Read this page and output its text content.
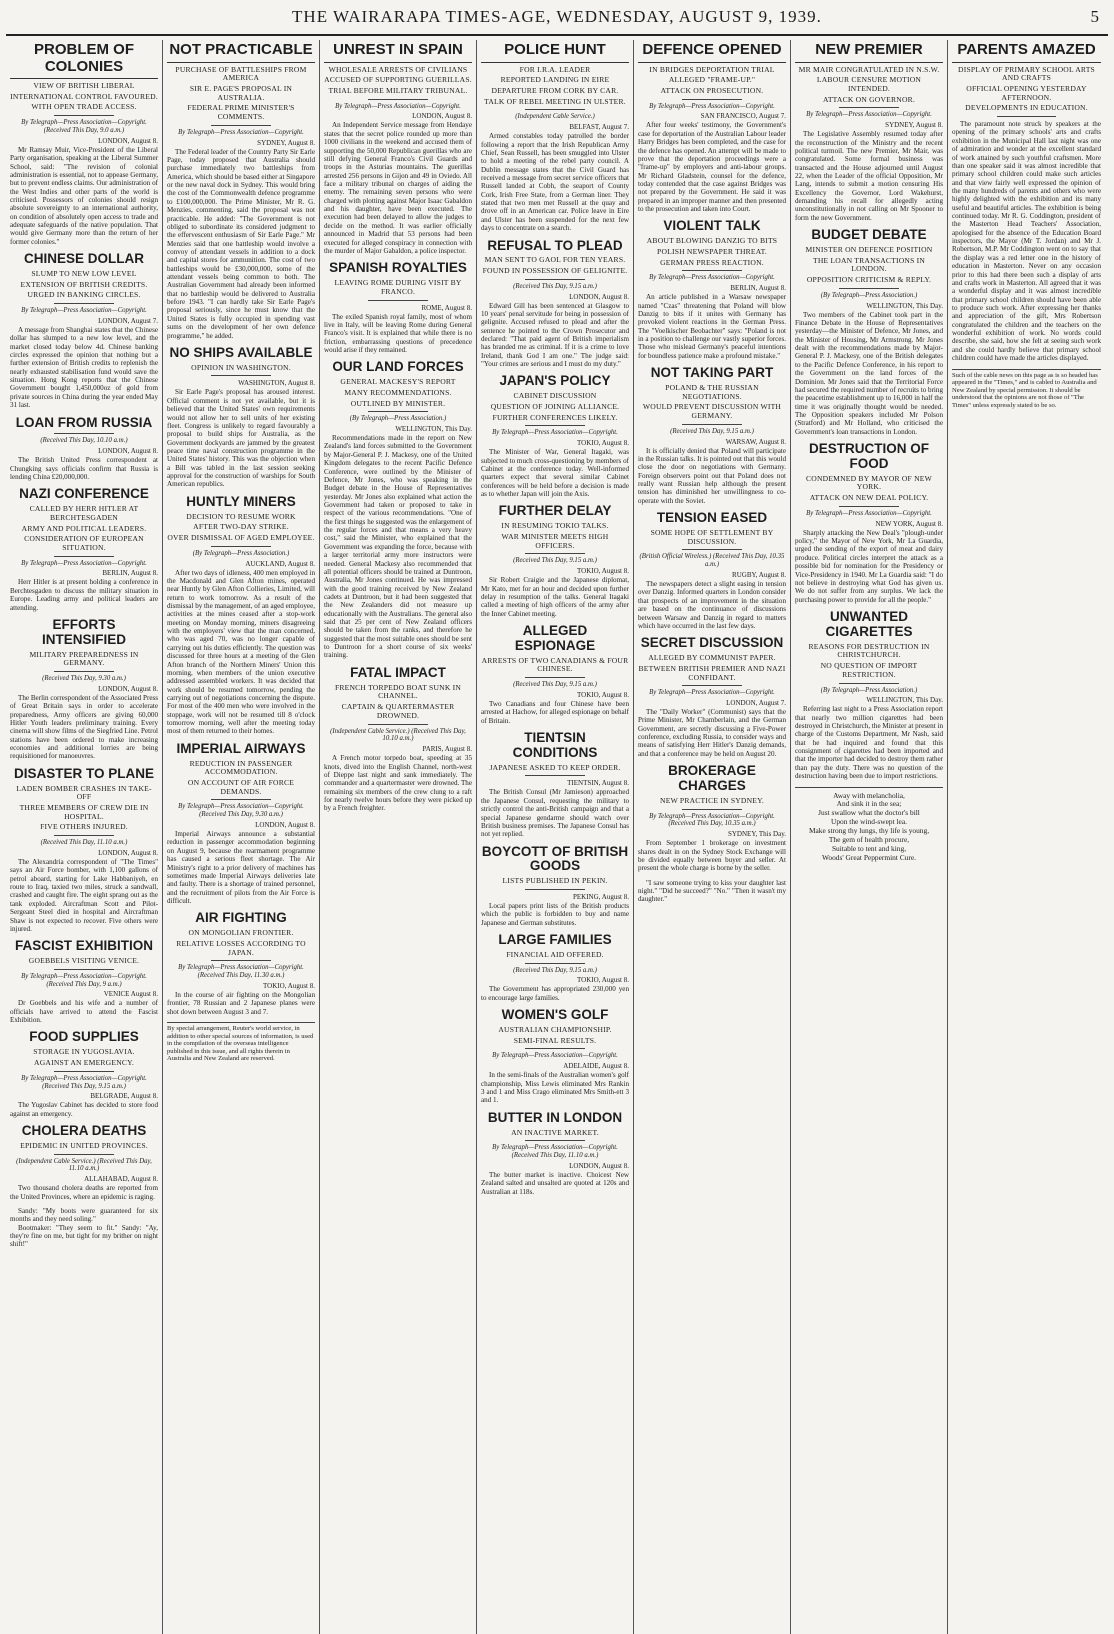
THE WAIRARAPA TIMES-AGE, WEDNESDAY, AUGUST 9, 1939.	5
PROBLEM OF COLONIES
VIEW OF BRITISH LIBERAL
INTERNATIONAL CONTROL FAVOURED.
WITH OPEN TRADE ACCESS.
By Telegraph—Press Association—Copyright. (Received This Day, 9.0 a.m.)
LONDON, August 8.

Mr Ramsay Muir, Vice-President of the Liberal Party organisation, speaking at the Liberal Summer School, said: "The revision of colonial administration is essential, not to appease Germany, but to prevent endless claims. Our administration of the West Indies and other parts of the world is criticised. Possessors of colonies should resign absolute sovereignty to an international authority, on condition of absolutely open access to trade and adequate safeguards of the native population. That would give Germany more than the return of her former colonies."

CHINESE DOLLAR
SLUMP TO NEW LOW LEVEL
EXTENSION OF BRITISH CREDITS.
URGED IN BANKING CIRCLES.
By Telegraph—Press Association—Copyright.
LONDON, August 7.

A message from Shanghai states that the Chinese dollar has slumped to a new low level, and the market closed today below 4d. Chinese banking circles expressed the opinion that nothing but a further extension of British credits to replenish the nearly exhausted stabilisation fund would save the situation. Hong Kong reports that the Chinese Government bought 1,450,000oz of gold from private sources in China during the year ended May 31 last.

LOAN FROM RUSSIA
(Received This Day, 10.10 a.m.)
LONDON, August 8.

The British United Press correspondent at Chungking says officials confirm that Russia is lending China £20,000,000.

NAZI CONFERENCE
CALLED BY HERR HITLER AT BERCHTESGADEN
ARMY AND POLITICAL LEADERS.
CONSIDERATION OF EUROPEAN SITUATION.
By Telegraph—Press Association—Copyright.
BERLIN, August 8.

Herr Hitler is at present holding a conference in Berchtesgaden to discuss the military situation in Europe. Leading army and political leaders are attending.

EFFORTS INTENSIFIED
MILITARY PREPAREDNESS IN GERMANY.
(Received This Day, 9.30 a.m.)
LONDON, August 8.

The Berlin correspondent of the Associated Press of Great Britain says in order to accelerate preparedness, Army officers are giving 60,000 Hitler Youth leaders preliminary training. Every cinema will show films of the Siegfried Line. Petrol stations have been ordered to make increasing economies and additional lorries are being requisitioned for manoeuvres.

DISASTER TO PLANE
LADEN BOMBER CRASHES IN TAKE-OFF
THREE MEMBERS OF CREW DIE IN HOSPITAL.
FIVE OTHERS INJURED.
(Received This Day, 11.10 a.m.)
LONDON, August 8.

The Alexandria correspondent of "The Times" says an Air Force bomber, with 1,100 gallons of petrol aboard, starting for Lake Habbaniyeh, en route to Iraq, taxied two miles, struck a sandwall, crashed and caught fire. The eight sprang out as the tank exploded. Aircraftman Scott and Pilot-Sergeant Steel died in hospital and Aircraftman Shaw is not expected to recover. Five others were injured.

FASCIST EXHIBITION
GOEBBELS VISITING VENICE.
By Telegraph—Press Association—Copyright. (Received This Day, 9 a.m.)
VENICE August 8.

Dr Goebbels and his wife and a number of officials have arrived to attend the Fascist Exhibition.

FOOD SUPPLIES
STORAGE IN YUGOSLAVIA.
AGAINST AN EMERGENCY.
By Telegraph—Press Association—Copyright. (Received This Day, 9.15 a.m.)
BELGRADE, August 8.

The Yugoslav Cabinet has decided to store food against an emergency.

CHOLERA DEATHS
EPIDEMIC IN UNITED PROVINCES.
(Independent Cable Service.) (Received This Day, 11.10 a.m.)
ALLAHABAD, August 8.

Two thousand cholera deaths are reported from the United Provinces, where an epidemic is raging.

Sandy: "My boots were guaranteed for six months and they need soling."

Bootmaker: "They seem to fit." Sandy: "Ay, they're fine on me, but tight for my brither on night shift!"

NOT PRACTICABLE
PURCHASE OF BATTLESHIPS FROM AMERICA
SIR E. PAGE'S PROPOSAL IN AUSTRALIA.
FEDERAL PRIME MINISTER'S COMMENTS.
By Telegraph—Press Association—Copyright.
SYDNEY, August 8.

The Federal leader of the Country Party Sir Earle Page, today proposed that Australia should purchase immediately two battleships from America, which should be based either at Singapore or the new naval dock in Sydney. This would bring the cost of the Commonwealth defence programme to £100,000,000. The Prime Minister, Mr R. G. Menzies, commenting, said the proposal was not practicable. He added: "The Government is not obliged to subordinate its considered judgment to the effervescent enthusiasm of Sir Earle Page." Mr Menzies said that one battleship would involve a convoy of attendant vessels in addition to a dock and capital stores for ammunition. The cost of two battleships would be £30,000,000, some of the attendant vessels being common to both. The Australian Government had already been informed that no battleship would be delivered to Australia before 1943. "I can hardly take Sir Earle Page's proposal seriously, since he must know that the United States is fully occupied in spending vast sums on the development of her own defence programme," he added.

NO SHIPS AVAILABLE
OPINION IN WASHINGTON.
WASHINGTON, August 8.

Sir Earle Page's proposal has aroused interest. Official comment is not yet available, but it is believed that the United States' own requirements would not allow her to sell units of her existing fleet. Congress is unlikely to regard favourably a proposal to build ships for Australia, as the Government dockyards are jammed by the greatest peace time naval construction programme in the United States' history. This was the objection when a Bill was tabled in the last session seeking approval for the construction of warships for South American republics.

HUNTLY MINERS
DECISION TO RESUME WORK
AFTER TWO-DAY STRIKE.
OVER DISMISSAL OF AGED EMPLOYEE.
(By Telegraph—Press Association.)
AUCKLAND, August 8.

After two days of idleness, 400 men employed in the Macdonald and Glen Afton mines, operated near Huntly by Glen Afton Collieries, Limited, will return to work tomorrow. As a result of the dismissal by the management, of an aged employee, activities at the mines ceased after a stop-work meeting on Monday morning, miners disagreeing with the employers' view that the man concerned, who was aged 70, was no longer capable of carrying out his duties efficiently. The question was discussed for three hours at a meeting of the Glen Afton branch of the Northern Miners' Union this morning, when members of the union executive addressed assembled workers. It was decided that work should be resumed tomorrow, pending the carrying out of negotiations concerning the dispute. For most of the 400 men who were involved in the stoppage, work will not be resumed till 8 o'clock tomorrow morning, well after the meeting today most of them returned to their homes.

IMPERIAL AIRWAYS
REDUCTION IN PASSENGER ACCOMMODATION.
ON ACCOUNT OF AIR FORCE DEMANDS.
By Telegraph—Press Association—Copyright. (Received This Day, 9.30 a.m.)
LONDON, August 8.

Imperial Airways announce a substantial reduction in passenger accommodation beginning on August 9, because the rearmament programme has caused a serious fleet shortage. The Air Ministry's right to a prior delivery of machines has sometimes made Imperial Airways deliveries late and faulty. There is a shortage of trained personnel, and the recruitment of pilots from the Air Force is difficult.

AIR FIGHTING
ON MONGOLIAN FRONTIER.
RELATIVE LOSSES ACCORDING TO JAPAN.
By Telegraph—Press Association—Copyright. (Received This Day, 11.30 a.m.)
TOKIO, August 8.

In the course of air fighting on the Mongolian frontier, 78 Russian and 2 Japanese planes were shot down between August 3 and 7.

By special arrangement, Reuter's world service, in addition to other special sources of information, is used in the compilation of the overseas intelligence published in this issue, and all rights therein in Australia and New Zealand are reserved.
UNREST IN SPAIN
WHOLESALE ARRESTS OF CIVILIANS
ACCUSED OF SUPPORTING GUERILLAS.
TRIAL BEFORE MILITARY TRIBUNAL.
By Telegraph—Press Association—Copyright.
LONDON, August 8.

An Independent Service message from Hendaye states that the secret police rounded up more than 1000 civilians in the weekend and accused them of supporting the 50,000 Republican guerillas who are still defying General Franco's Civil Guards and troops in the Asturias mountains. The guerillas arrested 256 persons in Gijon and 49 in Oviedo. All face a military tribunal on charges of aiding the enemy. The remaining seven persons who were charged with plotting against Major Isaac Gabaldon and his daughter, have been executed. The execution had been delayed to allow the judges to decide on the method. It was earlier officially announced in Madrid that 53 persons had been executed for alleged conspiracy in connection with the murder of Major Gabaldon, a police inspector.

SPANISH ROYALTIES
LEAVING ROME DURING VISIT BY FRANCO.
ROME, August 8.

The exiled Spanish royal family, most of whom live in Italy, will be leaving Rome during General Franco's visit. It is explained that while there is no friction, embarrassing questions of precedence would arise if they remained.

OUR LAND FORCES
GENERAL MACKESY'S REPORT
MANY RECOMMENDATIONS.
OUTLINED BY MINISTER.
(By Telegraph—Press Association.)
WELLINGTON, This Day.

Recommendations made in the report on New Zealand's land forces submitted to the Government by Major-General P. J. Mackesy, one of the United Kingdom delegates to the recent Pacific Defence Conference, were outlined by the Minister of Defence, Mr Jones, who was speaking in the Budget debate in the House of Representatives yesterday. Mr Jones also explained what action the Government had taken or proposed to take in respect of the various recommendations. "One of the first things he suggested was the enlargement of the regular forces and that means a very heavy cost," said the Minister, who explained that the Government was expanding the force, because with a larger territorial army more instructors were needed. General Mackesy also recommended that all potential officers should be trained at Duntroon, Australia, Mr Jones continued. He was impressed with the good training received by New Zealand cadets at Duntroon, but it had been suggested that the New Zealanders did not measure up educationally with the Australians. The general also said that 25 per cent of New Zealand officers should be taken from the ranks, and therefore he suggested that the most suitable ones should be sent to Duntroon for a short course of six weeks' training.

FATAL IMPACT
FRENCH TORPEDO BOAT SUNK IN CHANNEL.
CAPTAIN & QUARTERMASTER DROWNED.
(Independent Cable Service.) (Received This Day, 10.10 a.m.)
PARIS, August 8.

A French motor torpedo boat, speeding at 35 knots, dived into the English Channel, north-west of Dieppe last night and sank immediately. The commander and a quartermaster were drowned. The remaining six members of the crew clung to a raft for nearly twelve hours before they were picked up by a French freighter.

POLICE HUNT
FOR I.R.A. LEADER
REPORTED LANDING IN EIRE
DEPARTURE FROM CORK BY CAR.
TALK OF REBEL MEETING IN ULSTER.
(Independent Cable Service.)
BELFAST, August 7.

Armed constables today patrolled the border following a report that the Irish Republican Army Chief, Sean Russell, has been smuggled into Ulster to hold a meeting of the rebel party council. A Dublin message states that the Civil Guard has received a message from secret service officers that Russell landed at Cobh, the seaport of County Cork, Irish Free State, from a German liner. They stated that two men met Russell at the quay and drove off in an American car. Police leave in Eire and Ulster has been suspended for the next few days to concentrate on a search.

REFUSAL TO PLEAD
MAN SENT TO GAOL FOR TEN YEARS.
FOUND IN POSSESSION OF GELIGNITE.
(Received This Day, 9.15 a.m.)
LONDON, August 8.

Edward Gill has been sentenced at Glasgow to 10 years' penal servitude for being in possession of gelignite. Accused refused to plead and after the sentence he pointed to the Crown Prosecutor and declared: "That paid agent of British imperialism has branded me as criminal. If it is a crime to love Ireland, thank God I am one." The judge said: "Your crimes are serious and I must do my duty."

JAPAN'S POLICY
CABINET DISCUSSION
QUESTION OF JOINING ALLIANCE.
FURTHER CONFERENCES LIKELY.
By Telegraph—Press Association—Copyright.
TOKIO, August 8.

The Minister of War, General Itagaki, was subjected to much cross-questioning by members of Cabinet at the conference today. Well-informed quarters expect that several similar Cabinet conferences will be held before a decision is made as to whether Japan will join the Axis.

FURTHER DELAY
IN RESUMING TOKIO TALKS.
WAR MINISTER MEETS HIGH OFFICERS.
(Received This Day, 9.15 a.m.)
TOKIO, August 8.

Sir Robert Craigie and the Japanese diplomat, Mr Kato, met for an hour and decided upon further delay in resumption of the talks. General Itagaki called a meeting of high officers of the army after the Inner Cabinet meeting.

ALLEGED ESPIONAGE
ARRESTS OF TWO CANADIANS & FOUR CHINESE.
(Received This Day, 9.15 a.m.)
TOKIO, August 8.

Two Canadians and four Chinese have been arrested at Hachow, for alleged espionage on behalf of Britain.

TIENTSIN CONDITIONS
JAPANESE ASKED TO KEEP ORDER.
TIENTSIN, August 8.

The British Consul (Mr Jamieson) approached the Japanese Consul, requesting the military to strictly control the anti-British campaign and that a special Japanese gendarme should watch over British business premises. The Japanese Consul has not yet replied.

BOYCOTT OF BRITISH GOODS
LISTS PUBLISHED IN PEKIN.
PEKING, August 8.

Local papers print lists of the British products which the public is forbidden to buy and name Japanese and German substitutes.

LARGE FAMILIES
FINANCIAL AID OFFERED.
(Received This Day, 9.15 a.m.)
TOKIO, August 8.

The Government has appropriated 230,000 yen to encourage large families.

WOMEN'S GOLF
AUSTRALIAN CHAMPIONSHIP.
SEMI-FINAL RESULTS.
By Telegraph—Press Association—Copyright.
ADELAIDE, August 8.

In the semi-finals of the Australian women's golf championship, Miss Lewis eliminated Mrs Rankin 3 and 1 and Miss Crago eliminated Mrs Smith-ett 3 and 1.

BUTTER IN LONDON
AN INACTIVE MARKET.
By Telegraph—Press Association—Copyright. (Received This Day, 11.10 a.m.)
LONDON, August 8.

The butter market is inactive. Choicest New Zealand salted and unsalted are quoted at 120s and Australian at 118s.

DEFENCE OPENED
IN BRIDGES DEPORTATION TRIAL
ALLEGED "FRAME-UP."
ATTACK ON PROSECUTION.
By Telegraph—Press Association—Copyright.
SAN FRANCISCO, August 7.

After four weeks' testimony, the Government's case for deportation of the Australian Labour leader Harry Bridges has been completed, and the case for the defence has opened. An attempt will be made to prove that the deportation proceedings were a "frame-up" by employers and anti-labour groups. Mr Richard Gladstein, counsel for the defence, today contended that the case against Bridges was not prepared by the Government. He said it was prepared in an improper manner and then presented to the prosecution and taken into Court.

VIOLENT TALK
ABOUT BLOWING DANZIG TO BITS
POLISH NEWSPAPER THREAT.
GERMAN PRESS REACTION.
By Telegraph—Press Association—Copyright.
BERLIN, August 8.

An article published in a Warsaw newspaper named "Czas" threatening that Poland will blow Danzig to bits if it unites with Germany has provoked violent reactions in the German Press. The "Voelkischer Beobachter" says: "Poland is not in a position to challenge our vastly superior forces. Those who mislead Germany's peaceful intentions for boundless patience make a profound mistake."

NOT TAKING PART
POLAND & THE RUSSIAN NEGOTIATIONS.
WOULD PREVENT DISCUSSION WITH GERMANY.
(Received This Day, 9.15 a.m.)
WARSAW, August 8.

It is officially denied that Poland will participate in the Russian talks. It is pointed out that this would close the door on negotiations with Germany. Foreign observers point out that Poland does not really want Russian help although the present tension has diminished her unwillingness to co-operate with the Soviet.

TENSION EASED
SOME HOPE OF SETTLEMENT BY DISCUSSION.
(British Official Wireless.) (Received This Day, 10.35 a.m.)
RUGBY, August 8.

The newspapers detect a slight easing in tension over Danzig. Informed quarters in London consider that prospects of an improvement in the situation are based on the continuance of discussions between Warsaw and Danzig in regard to matters which have occurred in the last few days.

SECRET DISCUSSION
ALLEGED BY COMMUNIST PAPER.
BETWEEN BRITISH PREMIER AND NAZI CONFIDANT.
By Telegraph—Press Association—Copyright.
LONDON, August 7.

The "Daily Worker" (Communist) says that the Prime Minister, Mr Chamberlain, and the German Government, are secretly discussing a Five-Power conference, excluding Russia, to consider ways and means of satisfying Herr Hitler's Danzig demands, and that a conference may be held on August 20.

BROKERAGE CHARGES
NEW PRACTICE IN SYDNEY.
By Telegraph—Press Association—Copyright. (Received This Day, 10.35 a.m.)
SYDNEY, This Day.

From September 1 brokerage on investment shares dealt in on the Sydney Stock Exchange will be divided equally between buyer and seller. At present the whole charge is borne by the seller.

"I saw someone trying to kiss your daughter last night." "Did he succeed?" "No." "Then it wasn't my daughter."

NEW PREMIER
MR MAIR CONGRATULATED IN N.S.W.
LABOUR CENSURE MOTION INTENDED.
ATTACK ON GOVERNOR.
By Telegraph—Press Association—Copyright.
SYDNEY, August 8.

The Legislative Assembly resumed today after the reconstruction of the Ministry and the recent political turmoil. The new Premier, Mr Mair, was congratulated. Some formal business was transacted and the House adjourned until August 22, when the Leader of the official Opposition, Mr Lang, intends to submit a motion censuring His Excellency the Governor, Lord Wakehurst, demanding his recall for allegedly acting unconstitutionally in not calling on Mr Spooner to form the new Government.

BUDGET DEBATE
MINISTER ON DEFENCE POSITION
THE LOAN TRANSACTIONS IN LONDON.
OPPOSITION CRITICISM & REPLY.
(By Telegraph—Press Association.)
WELLINGTON, This Day.

Two members of the Cabinet took part in the Finance Debate in the House of Representatives yesterday—the Minister of Defence, Mr Jones, and the Minister of Housing, Mr Armstrong. Mr Jones dealt with the recommendations made by Major-General P. J. Mackesy, one of the British delegates to the Pacific Defence Conference, in his report to the Government on the land forces of the Dominion. Mr Jones said that the Territorial Force had secured the required number of recruits to bring the peacetime establishment up to 16,000 in half the time it was originally thought would be needed. The Opposition speakers included Mr Polson (Stratford) and Mr Holland, who criticised the Government's loan transactions in London.

DESTRUCTION OF FOOD
CONDEMNED BY MAYOR OF NEW YORK.
ATTACK ON NEW DEAL POLICY.
By Telegraph—Press Association—Copyright.
NEW YORK, August 8.

Sharply attacking the New Deal's "plough-under policy," the Mayor of New York, Mr La Guardia, urged the sending of the export of meat and dairy produce. Political circles interpret the attack as a possible bid for nomination for the Presidency or Vice-Presidency in 1940. Mr La Guardia said: "I do not believe in destroying what God has given us. We do not suffer from any surplus. We lack the purchasing power to provide for all the people."

UNWANTED CIGARETTES
REASONS FOR DESTRUCTION IN CHRISTCHURCH.
NO QUESTION OF IMPORT RESTRICTION.
(By Telegraph—Press Association.)
WELLINGTON, This Day.

Referring last night to a Press Association report that nearly two million cigarettes had been destroyed in Christchurch, the Minister at present in charge of the Customs Department, Mr Nash, said that he had inquired and found that this consignment of cigarettes had been imported and that the importer had decided to destroy them rather than pay the duty. There was no question of the destruction having been due to import restrictions.

Away with melancholia,

And sink it in the sea;

Just swallow what the doctor's bill

Upon the wind-swept lea.

Make strong thy lungs, thy life is young,

The gem of health procure,

Suitable to tent and king,

Woods' Great Peppermint Cure.

PARENTS AMAZED
DISPLAY OF PRIMARY SCHOOL ARTS AND CRAFTS
OFFICIAL OPENING YESTERDAY AFTERNOON.
DEVELOPMENTS IN EDUCATION.

The paramount note struck by speakers at the opening of the primary schools' arts and crafts exhibition in the Municipal Hall last night was one of admiration and wonder at the excellent standard of work attained by such youthful craftsmen. More than one speaker said it was almost incredible that primary school children could make such articles and that view fairly well expressed the opinion of the many hundreds of parents and others who were highly delighted with the exhibition and its many useful and beautiful articles. The exhibition is being continued today. Mr R. G. Coddington, president of the Masterton Head Teachers' Association, apologised for the absence of the Education Board inspectors, the Mayor (Mr T. Jordan) and Mr J. Robertson, M.P. Mr Coddington went on to say that the display was a red letter one in the history of education in Masterton. Never on any occasion prior to this had there been such a display of arts and crafts work in Masterton. All agreed that it was a wonderful display and it was almost incredible that primary school children should have been able to produce such work. After expressing her thanks and appreciation of the gift, Mrs Robertson congratulated the children and the teachers on the wonderful exhibition of work. No words could describe, she said, how she felt at seeing such work and she could hardly believe that primary school children could have made the articles displayed.

Such of the cable news on this page as is so headed has appeared in the "Times," and is cabled to Australia and New Zealand by special permission. It should be understood that the opinions are not those of "The Times" unless expressly stated to be so.
